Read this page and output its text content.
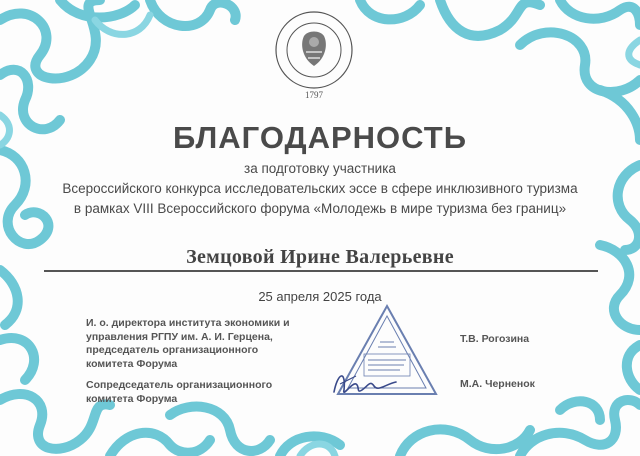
1797
БЛАГОДАРНОСТЬ
за подготовку участника
Всероссийского конкурса исследовательских эссе в сфере инклюзивного туризма
в рамках VIII Всероссийского форума «Молодежь в мире туризма без границ»
Земцовой Ирине Валерьевне
25 апреля 2025 года
И. о. директора института экономики и
управления РГПУ им. А. И. Герцена,
председатель организационного
комитета Форума
Т.В. Рогозина
Сопредседатель организационного
комитета Форума
М.А. Черненок
